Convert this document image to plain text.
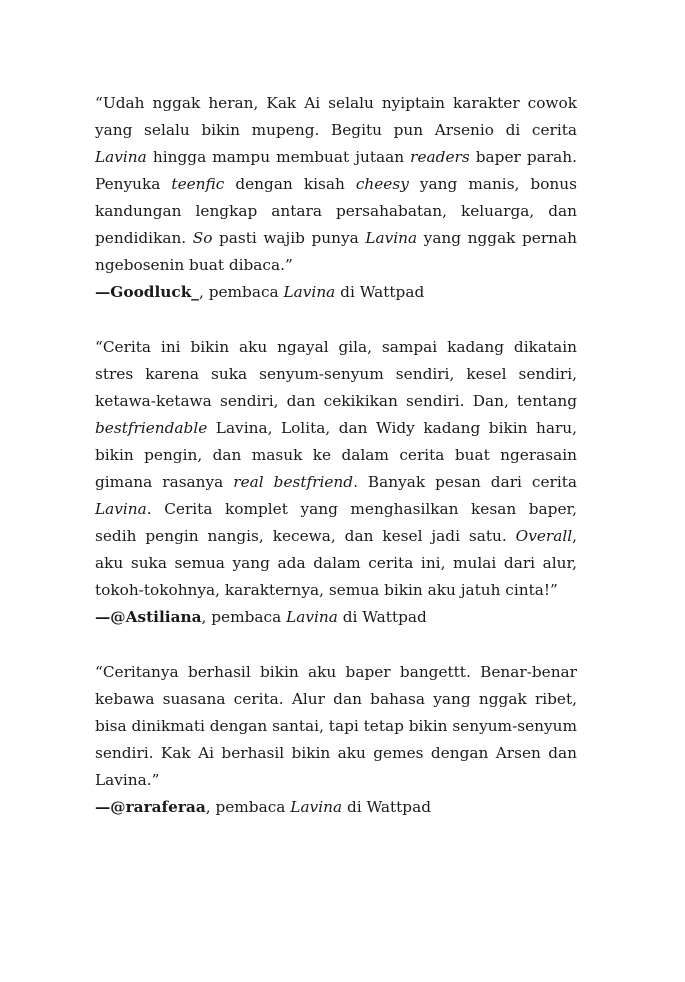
“Udah nggak heran, Kak Ai selalu nyiptain karakter cowok yang selalu bikin mupeng. Begitu pun Arsenio di cerita Lavina hingga mampu membuat jutaan readers baper parah. Penyuka teenfic dengan kisah cheesy yang manis, bonus kandungan lengkap antara persahabatan, keluarga, dan pendidikan. So pasti wajib punya Lavina yang nggak pernah ngebosenin buat dibaca.”

—Goodluck_, pembaca Lavina di Wattpad

“Cerita ini bikin aku ngayal gila, sampai kadang dikatain stres karena suka senyum-senyum sendiri, kesel sendiri, ketawa-ketawa sendiri, dan cekikikan sendiri. Dan, tentang bestfriendable Lavina, Lolita, dan Widy kadang bikin haru, bikin pengin, dan masuk ke dalam cerita buat ngerasain gimana rasanya real bestfriend. Banyak pesan dari cerita Lavina. Cerita komplet yang menghasilkan kesan baper, sedih pengin nangis, kecewa, dan kesel jadi satu. Overall, aku suka semua yang ada dalam cerita ini, mulai dari alur, tokoh-tokohnya, karakternya, semua bikin aku jatuh cinta!”

—@Astiliana, pembaca Lavina di Wattpad

“Ceritanya berhasil bikin aku baper bangettt. Benar-benar kebawa suasana cerita. Alur dan bahasa yang nggak ribet, bisa dinikmati dengan santai, tapi tetap bikin senyum-senyum sendiri. Kak Ai berhasil bikin aku gemes dengan Arsen dan Lavina.”

—@raraferaa, pembaca Lavina di Wattpad
